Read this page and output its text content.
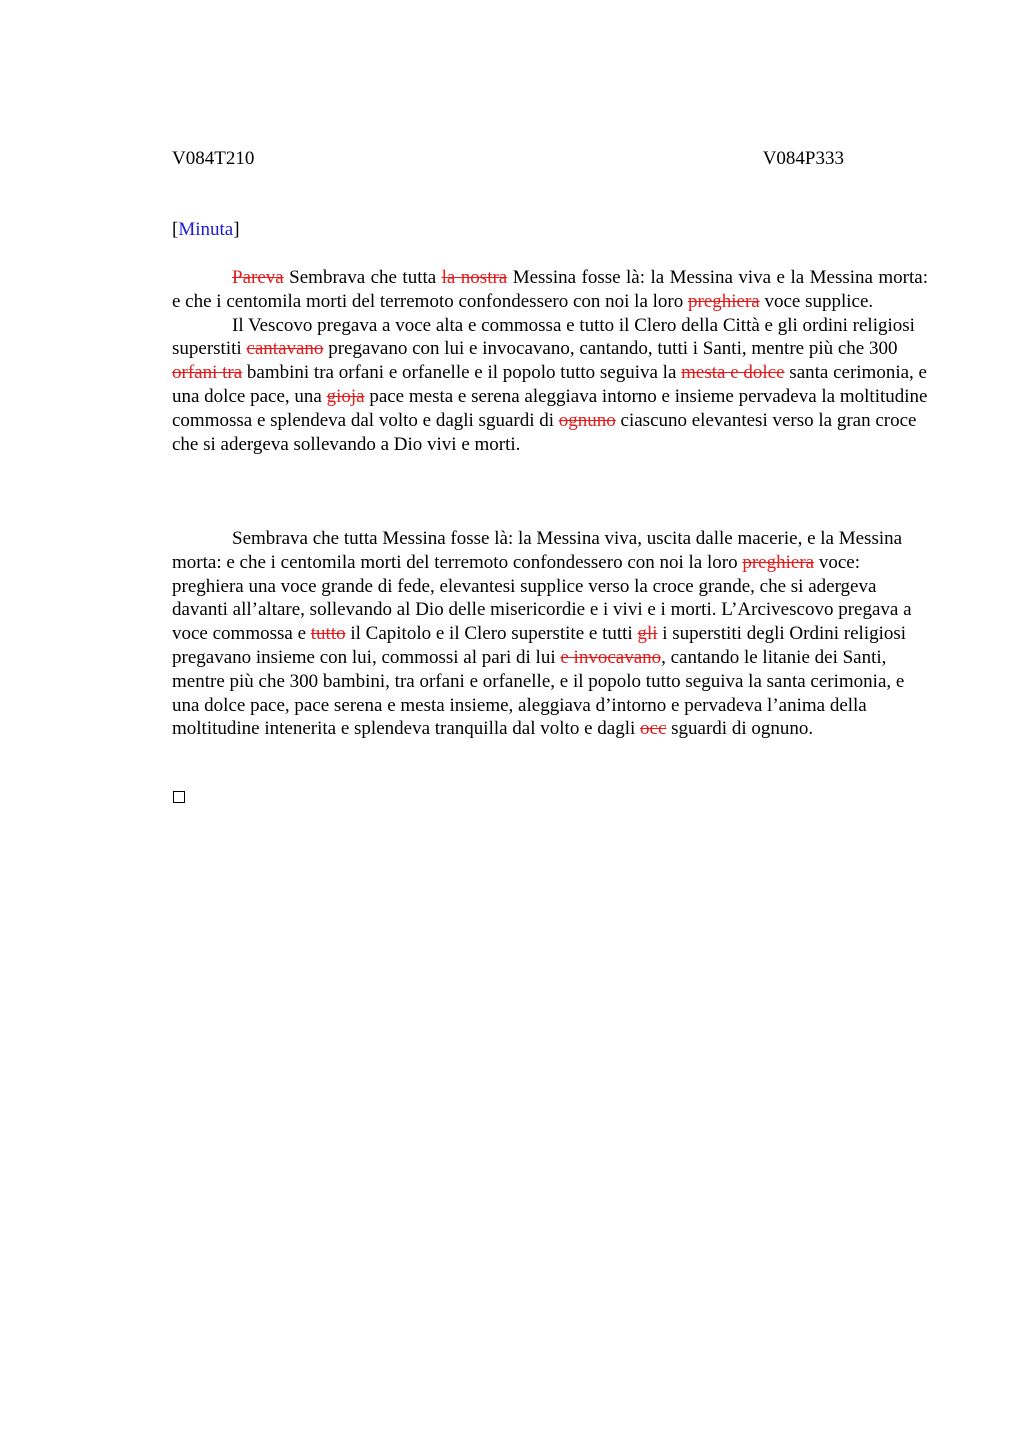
V084T210	V084P333
[Minuta]

Pareva Sembrava che tutta la nostra Messina fosse là: la Messina viva e la Messina morta: e che i centomila morti del terremoto confondessero con noi la loro preghiera voce supplice.

Il Vescovo pregava a voce alta e commossa e tutto il Clero della Città e gli ordini religiosi superstiti cantavano pregavano con lui e invocavano, cantando, tutti i Santi, mentre più che 300 orfani tra bambini tra orfani e orfanelle e il popolo tutto seguiva la mesta e dolce santa cerimonia, e una dolce pace, una gioja pace mesta e serena aleggiava intorno e insieme pervadeva la moltitudine commossa e splendeva dal volto e dagli sguardi di ognuno ciascuno elevantesi verso la gran croce che si adergeva sollevando a Dio vivi e morti.

Sembrava che tutta Messina fosse là: la Messina viva, uscita dalle macerie, e la Messina morta: e che i centomila morti del terremoto confondessero con noi la loro preghiera voce: preghiera una voce grande di fede, elevantesi supplice verso la croce grande, che si adergeva davanti all’altare, sollevando al Dio delle misericordie e i vivi e i morti. L’Arcivescovo pregava a voce commossa e tutto il Capitolo e il Clero superstite e tutti gli i superstiti degli Ordini religiosi pregavano insieme con lui, commossi al pari di lui e invocavano, cantando le litanie dei Santi, mentre più che 300 bambini, tra orfani e orfanelle, e il popolo tutto seguiva la santa cerimonia, e una dolce pace, pace serena e mesta insieme, aleggiava d’intorno e pervadeva l’anima della moltitudine intenerita e splendeva tranquilla dal volto e dagli occ sguardi di ognuno.
